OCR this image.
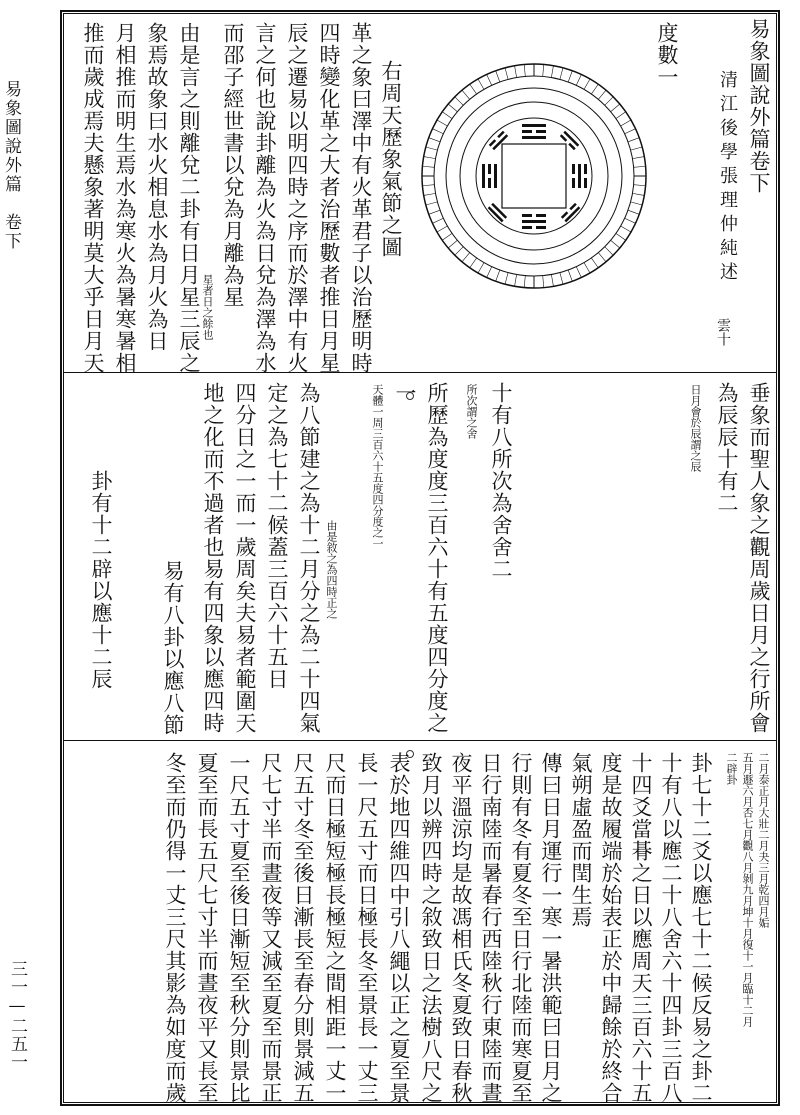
易象圖說外篇　卷下
三一—二五一
易象圖說外篇卷下
清江後學張理仲純述
雲十
度數一
右周天歷象氣節之圖
革之象曰澤中有火革君子以治歷明時
四時變化革之大者治歷數者推日月星
辰之遷易以明四時之序而於澤中有火
言之何也說卦離為火為日兌為澤為水
而邵子經世書以兌為月離為星
星者日之餘也
由是言之則離兌二卦有日月星三辰之
象焉故象曰水火相息水為月火為日
月相推而明生焉水為寒火為暑寒暑相
推而歲成焉夫懸象著明莫大乎日月天
垂象而聖人象之觀周歲日月之行所會
為辰辰十有二
日月會於辰謂之辰
所歷為度度三百六十有五度四分度之 十有八所次為舍舍二
所次謂之舍
一
天體一周三百六十五度四分度之一
由是敘之為四時正之
為八節建之為十二月分之為二十四氣
定之為七十二候蓋三百六十五日
四分日之一而一歲周矣夫易者範圍天
地之化而不過者也易有四象以應四時
易有八卦以應八節
卦有十二辟以應十二辰
二月泰正月大壯二月夬三月乾四月姤
五月遯六月否七月觀八月剝九月坤十月復十一月臨十二月
二辟卦
卦七十二爻以應七十二候反易之卦二
十有八以應二十八舍六十四卦三百八
十四爻當朞之日以應周天三百六十五
度是故履端於始表正於中歸餘於終合
氣朔虛盈而閏生焉
傳曰日月運行一寒一暑洪範曰日月之
行則有冬有夏冬至日行北陸而寒夏至
日行南陸而暑春行西陸秋行東陸而晝
夜平溫涼均是故馮相氏冬夏致日春秋
致月以辨四時之敘致日之法樹八尺之
表於地四維四中引八繩以正之夏至景
長一尺五寸而日極長冬至景長一丈三
尺而日極短極長極短之間相距一丈一
尺五寸冬至後日漸長至春分則景減五
尺七寸半而晝夜等又減至夏至而景正
一尺五寸夏至後日漸短至秋分則景比
夏至而長五尺七寸半而晝夜平又長至
冬至而仍得一丈三尺其影為如度而歲
